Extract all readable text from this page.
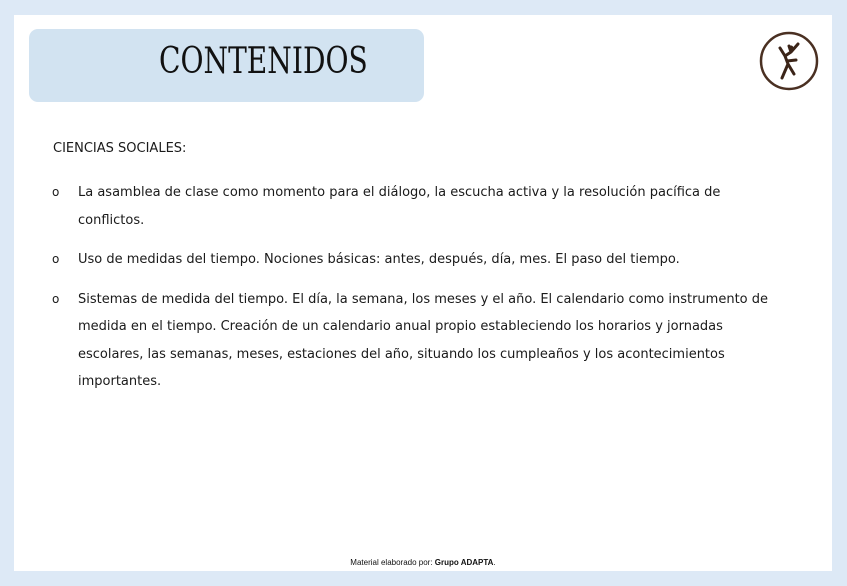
CONTENIDOS
CIENCIAS SOCIALES:
o La asamblea de clase como momento para el diálogo, la escucha activa y la resolución pacífica de conflictos.
o Uso de medidas del tiempo. Nociones básicas: antes, después, día, mes. El paso del tiempo.
o Sistemas de medida del tiempo. El día, la semana, los meses y el año. El calendario como instrumento de medida en el tiempo. Creación de un calendario anual propio estableciendo los horarios y jornadas escolares, las semanas, meses, estaciones del año, situando los cumpleaños y los acontecimientos importantes.
Material elaborado por: Grupo ADAPTA.
